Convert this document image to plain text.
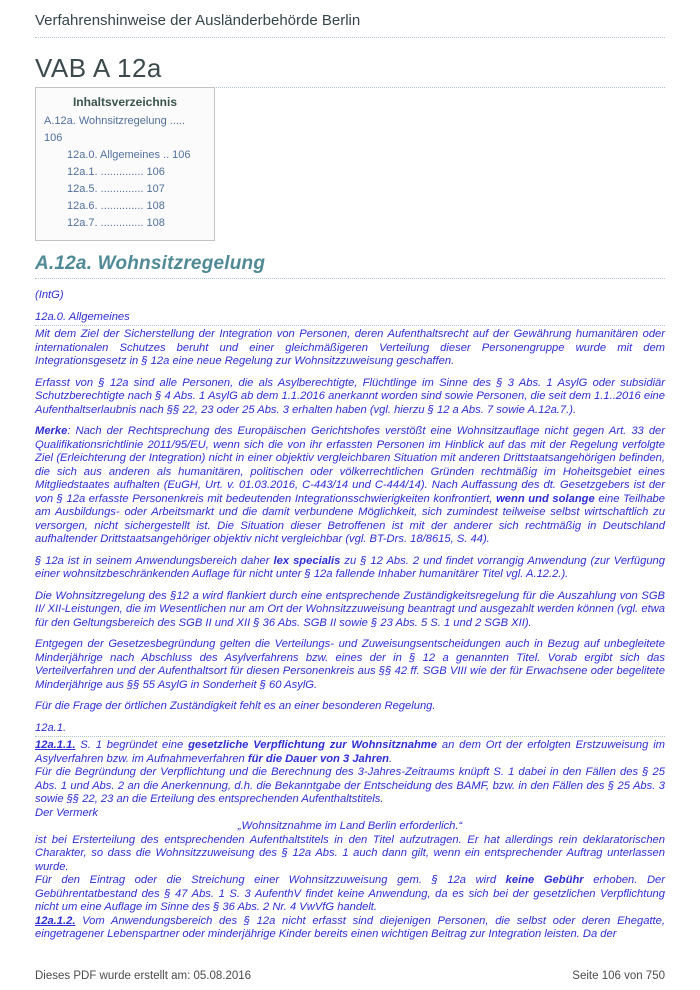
Verfahrenshinweise der Ausländerbehörde Berlin
VAB A 12a
Inhaltsverzeichnis
A.12a. Wohnsitzregelung ..... 106
12a.0. Allgemeines .. 106
12a.1. .............. 106
12a.5. .............. 107
12a.6. .............. 108
12a.7. .............. 108
A.12a. Wohnsitzregelung

(IntG)

12a.0. Allgemeines

Mit dem Ziel der Sicherstellung der Integration von Personen, deren Aufenthaltsrecht auf der Gewährung humanitären oder internationalen Schutzes beruht und einer gleichmäßigeren Verteilung dieser Personengruppe wurde mit dem Integrationsgesetz in § 12a eine neue Regelung zur Wohnsitzzuweisung geschaffen.

Erfasst von § 12a sind alle Personen, die als Asylberechtigte, Flüchtlinge im Sinne des § 3 Abs. 1 AsylG oder subsidiär Schutzberechtigte nach § 4 Abs. 1 AsylG ab dem 1.1.2016 anerkannt worden sind sowie Personen, die seit dem 1.1..2016 eine Aufenthaltserlaubnis nach §§ 22, 23 oder 25 Abs. 3 erhalten haben (vgl. hierzu § 12 a Abs. 7 sowie A.12a.7.).

Merke: Nach der Rechtsprechung des Europäischen Gerichtshofes verstößt eine Wohnsitzauflage nicht gegen Art. 33 der Qualifikationsrichtlinie 2011/95/EU, wenn sich die von ihr erfassten Personen im Hinblick auf das mit der Regelung verfolgte Ziel (Erleichterung der Integration) nicht in einer objektiv vergleichbaren Situation mit anderen Drittstaatsangehörigen befinden, die sich aus anderen als humanitären, politischen oder völkerrechtlichen Gründen rechtmäßig im Hoheitsgebiet eines Mitgliedstaates aufhalten (EuGH, Urt. v. 01.03.2016, C-443/14 und C-444/14). Nach Auffassung des dt. Gesetzgebers ist der von § 12a erfasste Personenkreis mit bedeutenden Integrationsschwierigkeiten konfrontiert, wenn und solange eine Teilhabe am Ausbildungs- oder Arbeitsmarkt und die damit verbundene Möglichkeit, sich zumindest teilweise selbst wirtschaftlich zu versorgen, nicht sichergestellt ist. Die Situation dieser Betroffenen ist mit der anderer sich rechtmäßig in Deutschland aufhaltender Drittstaatsangehöriger objektiv nicht vergleichbar (vgl. BT-Drs. 18/8615, S. 44).

§ 12a ist in seinem Anwendungsbereich daher lex specialis zu § 12 Abs. 2 und findet vorrangig Anwendung (zur Verfügung einer wohnsitzbeschränkenden Auflage für nicht unter § 12a fallende Inhaber humanitärer Titel vgl. A.12.2.).

Die Wohnsitzregelung des §12 a wird flankiert durch eine entsprechende Zuständigkeitsregelung für die Auszahlung von SGB II/ XII-Leistungen, die im Wesentlichen nur am Ort der Wohnsitzzuweisung beantragt und ausgezahlt werden können (vgl. etwa für den Geltungsbereich des SGB II und XII § 36 Abs. SGB II sowie § 23 Abs. 5 S. 1 und 2 SGB XII).

Entgegen der Gesetzesbegründung gelten die Verteilungs- und Zuweisungsentscheidungen auch in Bezug auf unbegleitete Minderjährige nach Abschluss des Asylverfahrens bzw. eines der in § 12 a genannten Titel. Vorab ergibt sich das Verteilverfahren und der Aufenthaltsort für diesen Personenkreis aus §§ 42 ff. SGB VIII wie der für Erwachsene oder begelitete Minderjährige aus §§ 55 AsylG in Sonderheit § 60 AsylG.

Für die Frage der örtlichen Zuständigkeit fehlt es an einer besonderen Regelung.

12a.1.

12a.1.1. S. 1 begründet eine gesetzliche Verpflichtung zur Wohnsitznahme an dem Ort der erfolgten Erstzuweisung im Asylverfahren bzw. im Aufnahmeverfahren für die Dauer von 3 Jahren.

Für die Begründung der Verpflichtung und die Berechnung des 3-Jahres-Zeitraums knüpft S. 1 dabei in den Fällen des § 25 Abs. 1 und Abs. 2 an die Anerkennung, d.h. die Bekanntgabe der Entscheidung des BAMF, bzw. in den Fällen des § 25 Abs. 3 sowie §§ 22, 23 an die Erteilung des entsprechenden Aufenthaltstitels.

Der Vermerk

„Wohnsitznahme im Land Berlin erforderlich.“

ist bei Ersterteilung des entsprechenden Aufenthaltstitels in den Titel aufzutragen. Er hat allerdings rein deklaratorischen Charakter, so dass die Wohnsitzzuweisung des § 12a Abs. 1 auch dann gilt, wenn ein entsprechender Auftrag unterlassen wurde.

Für den Eintrag oder die Streichung einer Wohnsitzzuweisung gem. § 12a wird keine Gebühr erhoben. Der Gebührentatbestand des § 47 Abs. 1 S. 3 AufenthV findet keine Anwendung, da es sich bei der gesetzlichen Verpflichtung nicht um eine Auflage im Sinne des § 36 Abs. 2 Nr. 4 VwVfG handelt.

12a.1.2. Vom Anwendungsbereich des § 12a nicht erfasst sind diejenigen Personen, die selbst oder deren Ehegatte, eingetragener Lebenspartner oder minderjährige Kinder bereits einen wichtigen Beitrag zur Integration leisten. Da der

Dieses PDF wurde erstellt am: 05.08.2016	Seite 106 von 750
